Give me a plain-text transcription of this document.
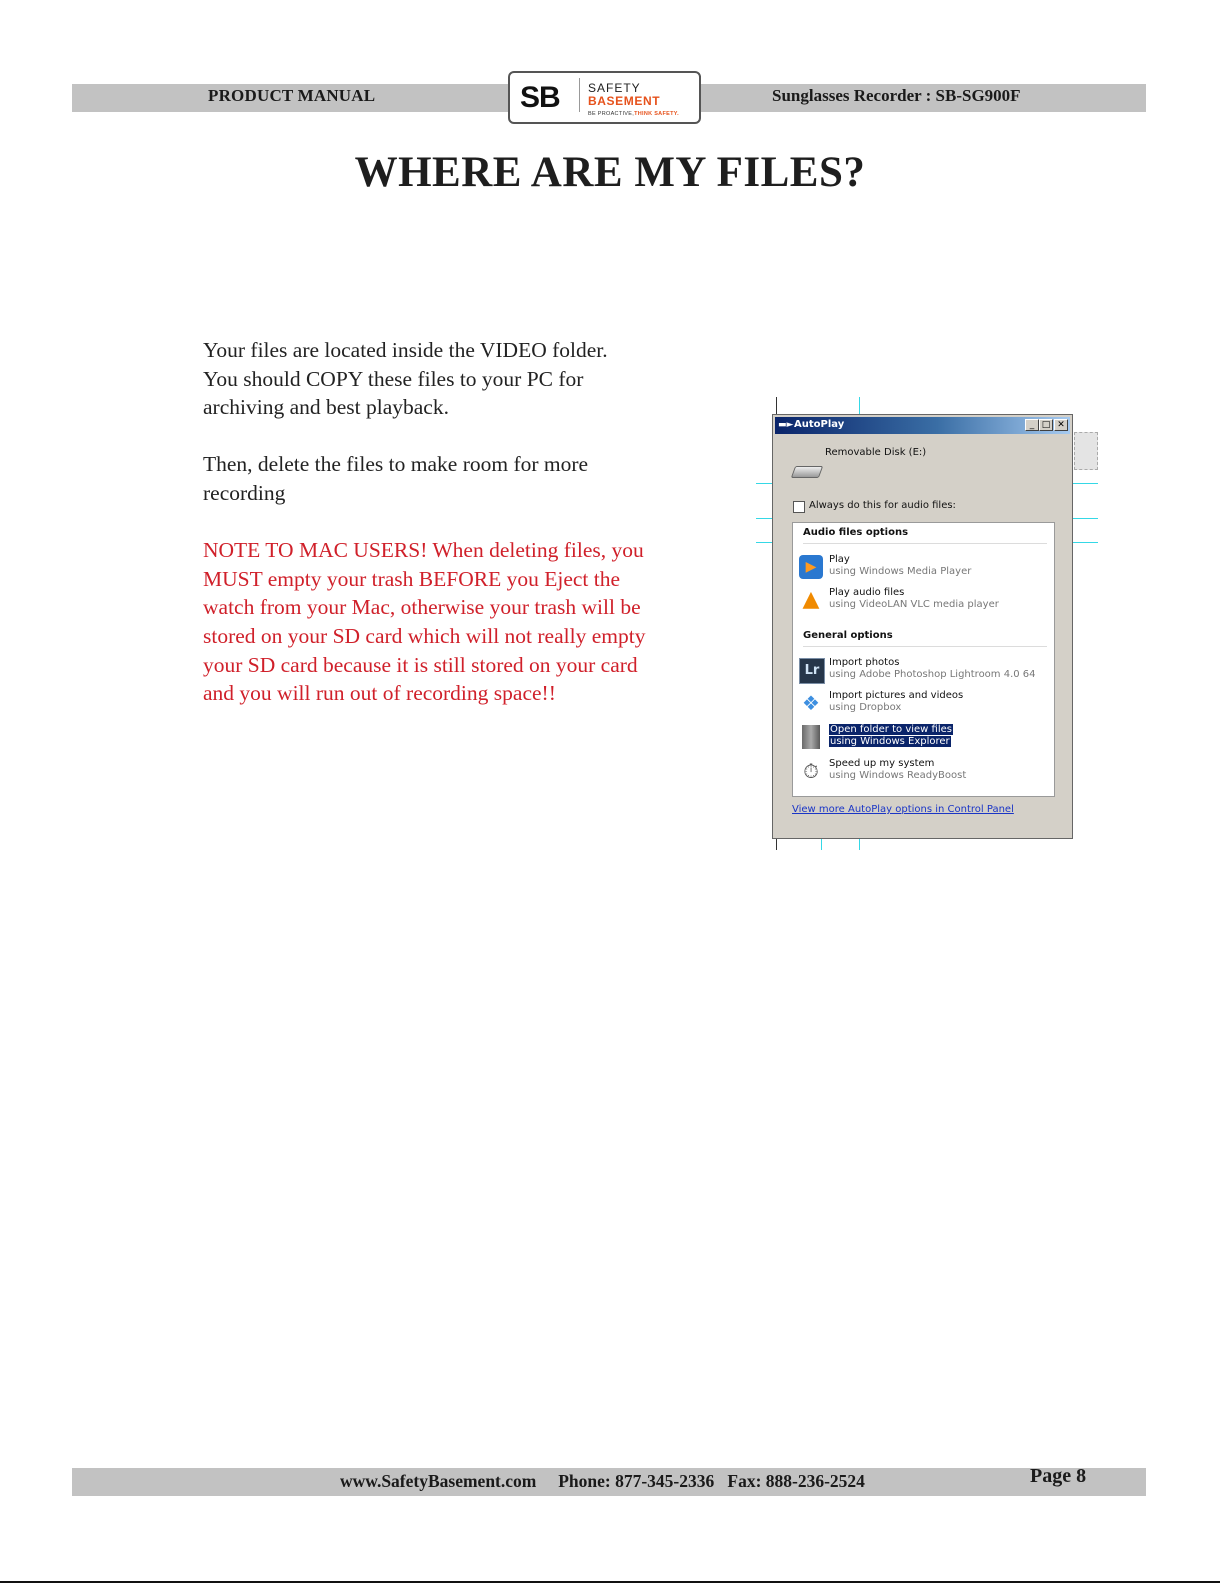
PRODUCT MANUAL	Sunglasses Recorder : SB-SG900F
SB SAFETY
BASEMENT
BE PROACTIVE,THINK SAFETY.
WHERE ARE MY FILES?

Your files are located inside the VIDEO folder.

You should COPY these files to your PC for

archiving and best playback.

Then, delete the files to make room for more

recording

NOTE TO MAC USERS! When deleting files, you

MUST empty your trash BEFORE you Eject the

watch from your Mac, otherwise your trash will be

stored on your SD card which will not really empty

your SD card because it is still stored on your card

and you will run out of recording space!!

▬► AutoPlay	_ □ ✕
Removable Disk (E:)
Always do this for audio files:
Audio files options
▶	Play
using Windows Media Player
▲ Play audio files
using VideoLAN VLC media player
General options
Lr
Import photos
using Adobe Photoshop Lightroom 4.0 64
❖ Import pictures and videos
using Dropbox
Open folder to view files
using Windows Explorer
⏱	Speed up my system
using Windows ReadyBoost
View more AutoPlay options in Control Panel
www.SafetyBasement.com     Phone: 877-345-2336   Fax: 888-236-2524	Page 8
